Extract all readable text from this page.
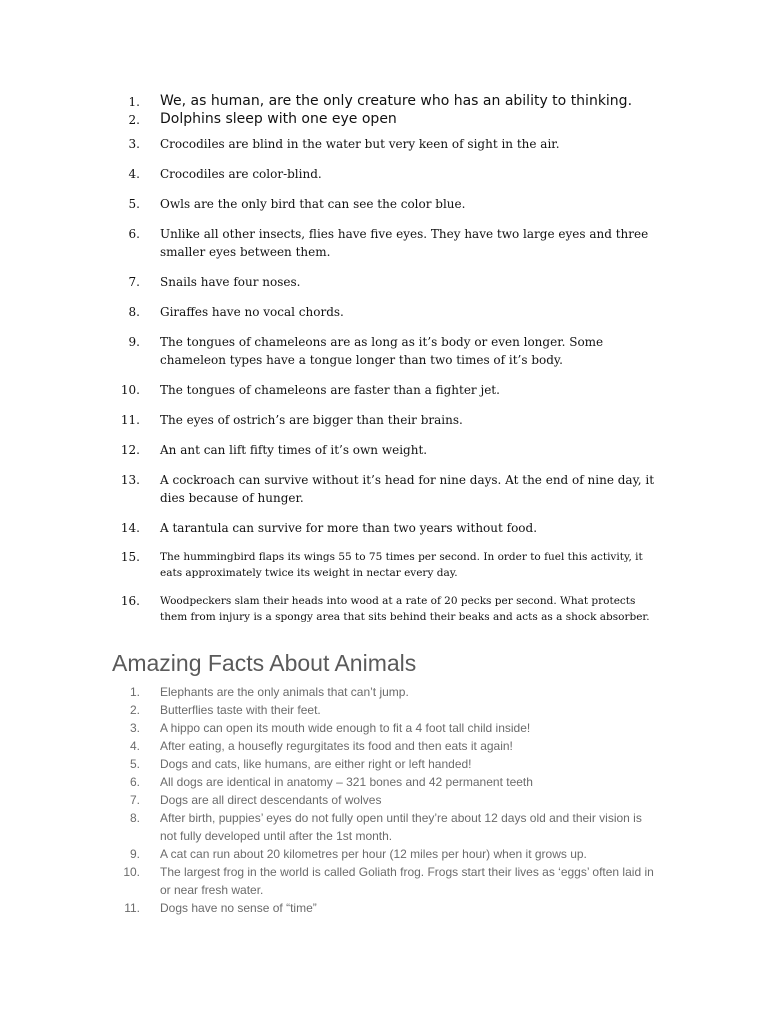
1.	We, as human, are the only creature who has an ability to thinking.
2.	Dolphins sleep with one eye open
3.	Crocodiles are blind in the water but very keen of sight in the air.
4.	Crocodiles are color-blind.
5.	Owls are the only bird that can see the color blue.
6.	Unlike all other insects, flies have five eyes. They have two large eyes and three smaller eyes between them.
7.	Snails have four noses.
8.	Giraffes have no vocal chords.
9.	The tongues of chameleons are as long as it’s body or even longer. Some chameleon types have a tongue longer than two times of it’s body.
10.	The tongues of chameleons are faster than a fighter jet.
11.	The eyes of ostrich’s are bigger than their brains.
12.	An ant can lift fifty times of it’s own weight.
13.	A cockroach can survive without it’s head for nine days. At the end of nine day, it dies because of hunger.
14.	A tarantula can survive for more than two years without food.
15.	The hummingbird flaps its wings 55 to 75 times per second. In order to fuel this activity, it eats approximately twice its weight in nectar every day.
16.	Woodpeckers slam their heads into wood at a rate of 20 pecks per second. What protects them from injury is a spongy area that sits behind their beaks and acts as a shock absorber.
Amazing Facts About Animals
1.	Elephants are the only animals that can’t jump.
2.	Butterflies taste with their feet.
3.	A hippo can open its mouth wide enough to fit a 4 foot tall child inside!
4.	After eating, a housefly regurgitates its food and then eats it again!
5.	Dogs and cats, like humans, are either right or left handed!
6.	All dogs are identical in anatomy – 321 bones and 42 permanent teeth
7.	Dogs are all direct descendants of wolves
8.	After birth, puppies’ eyes do not fully open until they’re about 12 days old and their vision is not fully developed until after the 1st month.
9.	A cat can run about 20 kilometres per hour (12 miles per hour) when it grows up.
10.	The largest frog in the world is called Goliath frog. Frogs start their lives as ‘eggs’ often laid in or near fresh water.
11.	Dogs have no sense of “time”
